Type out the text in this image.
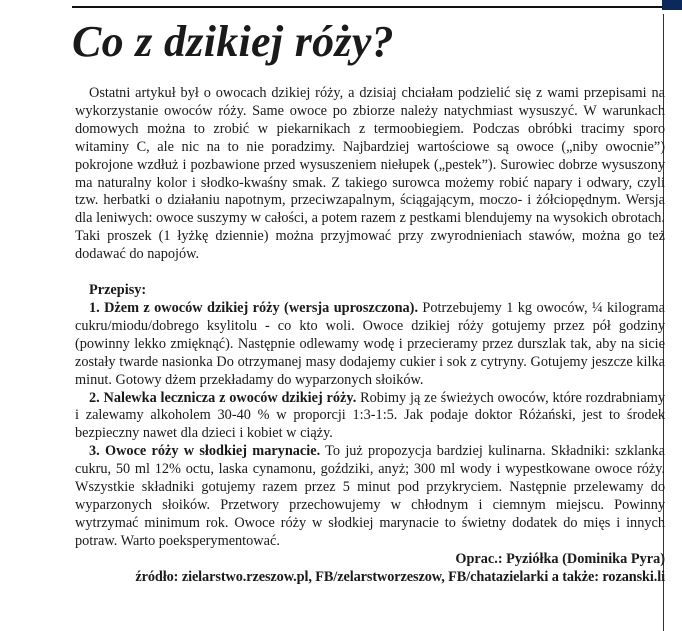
Co z dzikiej róży?

Ostatni artykuł był o owocach dzikiej róży, a dzisiaj chciałam podzielić się z wami przepisami na wykorzystanie owoców róży. Same owoce po zbiorze należy natychmiast wysuszyć. W warunkach domowych można to zrobić w piekarnikach z termoobiegiem. Podczas obróbki tracimy sporo witaminy C, ale nic na to nie poradzimy. Najbardziej wartościowe są owoce („niby owocnie”) pokrojone wzdłuż i pozbawione przed wysuszeniem niełupek („pestek”). Surowiec dobrze wysuszony ma naturalny kolor i słodko-kwaśny smak. Z takiego surowca możemy robić napary i odwary, czyli tzw. herbatki o działaniu napotnym, przeciwzapalnym, ściągającym, moczo- i żółciopędnym. Wersja dla leniwych: owoce suszymy w całości, a potem razem z pestkami blendujemy na wysokich obrotach. Taki proszek (1 łyżkę dziennie) można przyjmować przy zwyrodnieniach stawów, można go też dodawać do napojów.

Przepisy:

1. Dżem z owoców dzikiej róży (wersja uproszczona). Potrzebujemy 1 kg owoców, ¼ kilograma cukru/miodu/dobrego ksylitolu - co kto woli. Owoce dzikiej róży gotujemy przez pół godziny (powinny lekko zmięknąć). Następnie odlewamy wodę i przecieramy przez durszlak tak, aby na sicie zostały twarde nasionka Do otrzymanej masy dodajemy cukier i sok z cytryny. Gotujemy jeszcze kilka minut. Gotowy dżem przekładamy do wyparzonych słoików.

2. Nalewka lecznicza z owoców dzikiej róży. Robimy ją ze świeżych owoców, które rozdrabniamy i zalewamy alkoholem 30-40 % w proporcji 1:3-1:5. Jak podaje doktor Różański, jest to środek bezpieczny nawet dla dzieci i kobiet w ciąży.

3. Owoce róży w słodkiej marynacie. To już propozycja bardziej kulinarna. Składniki: szklanka cukru, 50 ml 12% octu, laska cynamonu, goździki, anyż; 300 ml wody i wypestkowane owoce róży. Wszystkie składniki gotujemy razem przez 5 minut pod przykryciem. Następnie przelewamy do wyparzonych słoików. Przetwory przechowujemy w chłodnym i ciemnym miejscu. Powinny wytrzymać minimum rok. Owoce róży w słodkiej marynacie to świetny dodatek do mięs i innych potraw. Warto poeksperymentować.

Oprac.: Pyziółka (Dominika Pyra)

źródło: zielarstwo.rzeszow.pl, FB/zelarstworzeszow, FB/chatazielarki a także: rozanski.li
